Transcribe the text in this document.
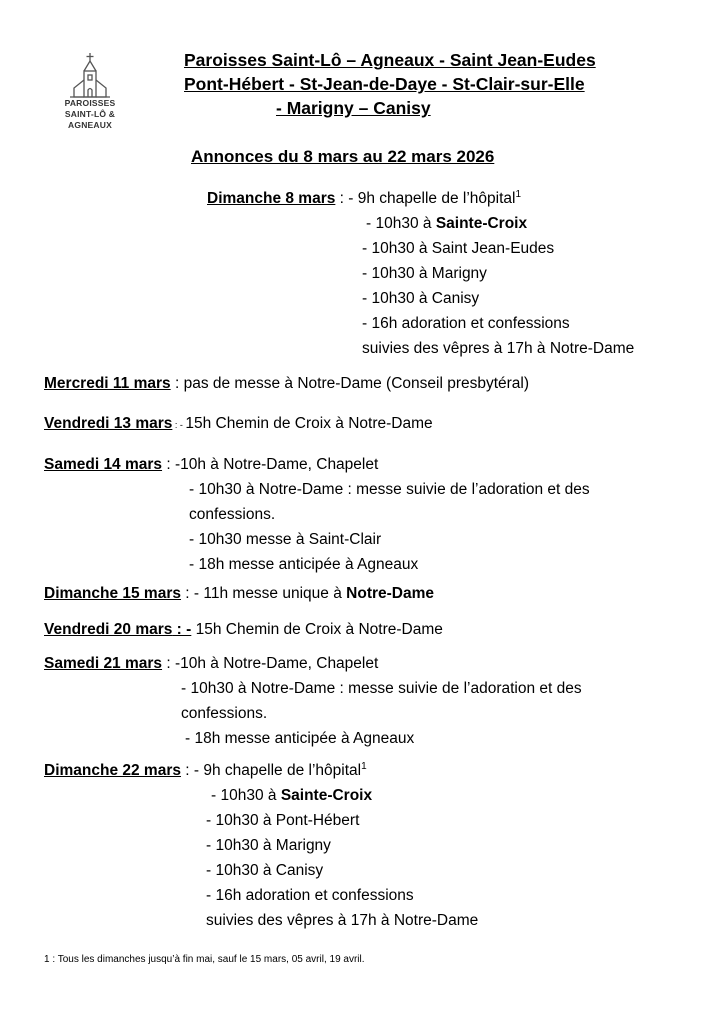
PAROISSES
SAINT-LÔ & AGNEAUX
Paroisses Saint-Lô – Agneaux - Saint Jean-Eudes
Pont-Hébert - St-Jean-de-Daye - St-Clair-sur-Elle
- Marigny – Canisy
Annonces du 8 mars au 22 mars 2026
Dimanche 8 mars : - 9h chapelle de l’hôpital$^1$
- 10h30 à Sainte-Croix
- 10h30 à Saint Jean-Eudes
- 10h30 à Marigny
- 10h30 à Canisy
- 16h adoration et confessions
suivies des vêpres à 17h à Notre-Dame
Mercredi 11 mars : pas de messe à Notre-Dame (Conseil presbytéral)
Vendredi 13 mars : - 15h Chemin de Croix à Notre-Dame
Samedi 14 mars : -10h à Notre-Dame, Chapelet
- 10h30 à Notre-Dame : messe suivie de l’adoration et des
confessions.
- 10h30 messe à Saint-Clair
- 18h messe anticipée à Agneaux
Dimanche 15 mars : - 11h messe unique à Notre-Dame
Vendredi 20 mars : - 15h Chemin de Croix à Notre-Dame
Samedi 21 mars : -10h à Notre-Dame, Chapelet
- 10h30 à Notre-Dame : messe suivie de l’adoration et des
confessions.
- 18h messe anticipée à Agneaux
Dimanche 22 mars : - 9h chapelle de l’hôpital$^1$
- 10h30 à Sainte-Croix
- 10h30 à Pont-Hébert
- 10h30 à Marigny
- 10h30 à Canisy
- 16h adoration et confessions
suivies des vêpres à 17h à Notre-Dame
1 : Tous les dimanches jusqu’à fin mai, sauf le 15 mars, 05 avril, 19 avril.
